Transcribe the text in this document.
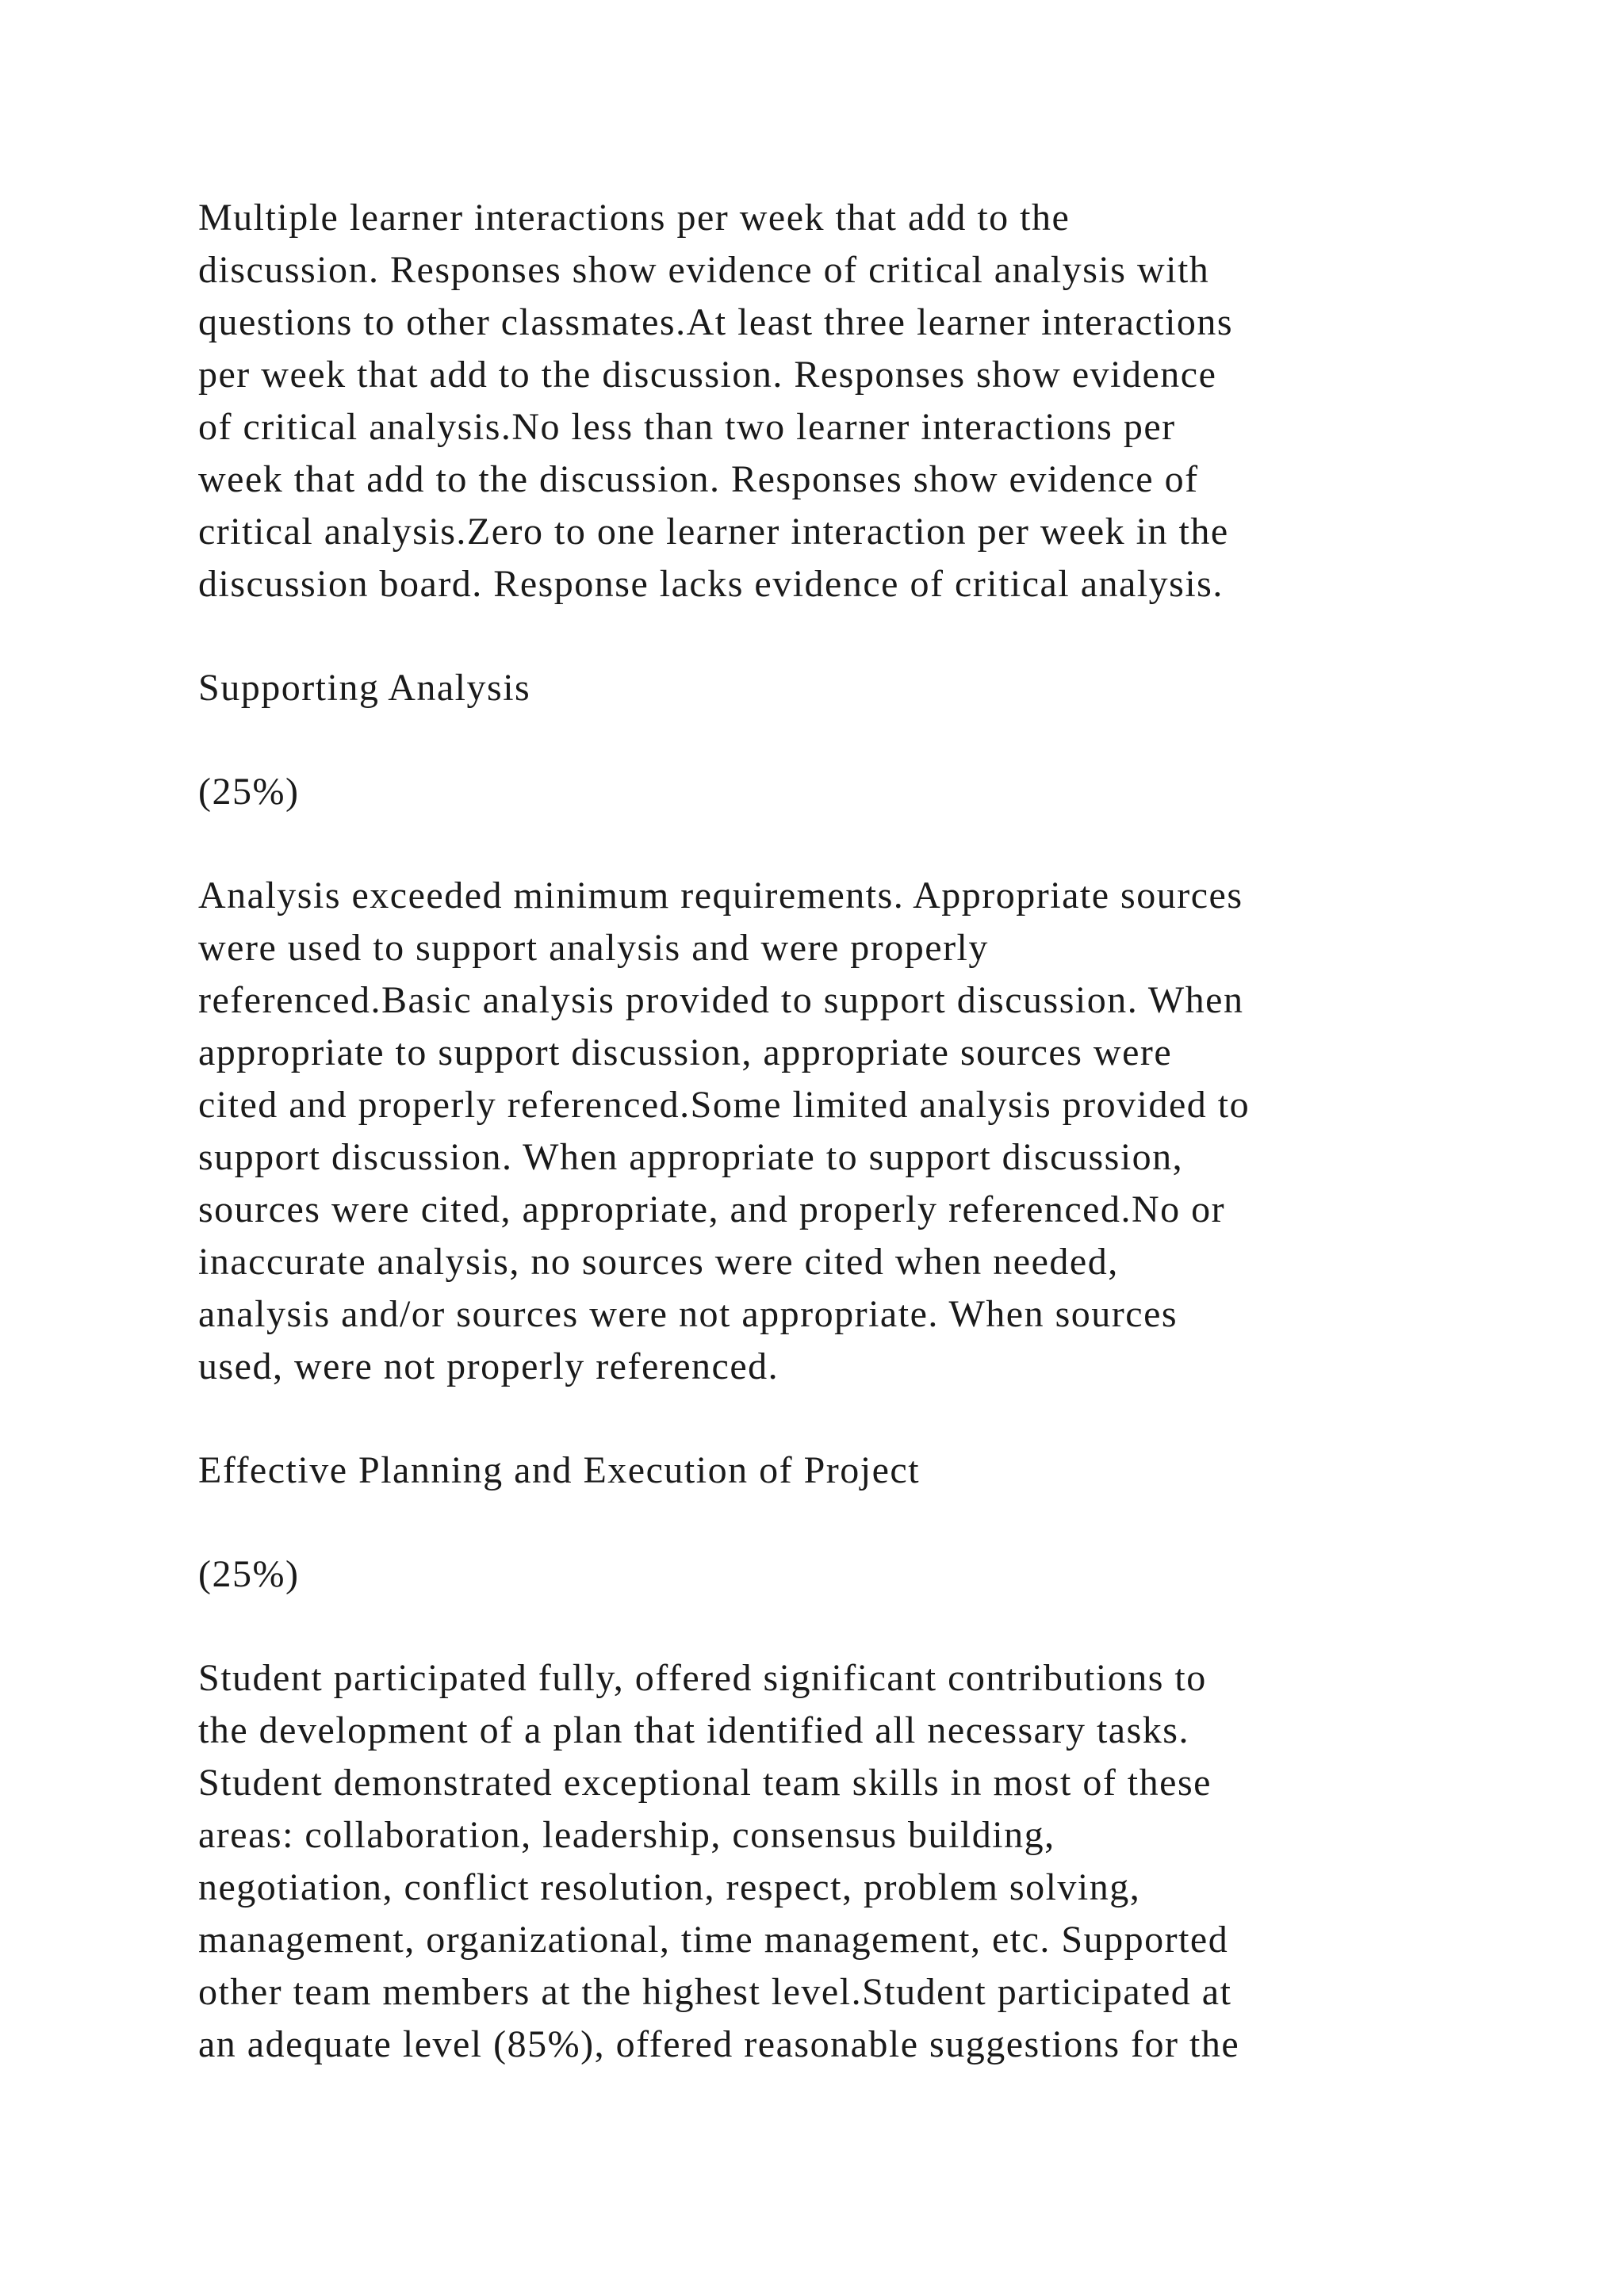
Multiple learner interactions per week that add to the
discussion. Responses show evidence of critical analysis with
questions to other classmates.At least three learner interactions
per week that add to the discussion. Responses show evidence
of critical analysis.No less than two learner interactions per
week that add to the discussion. Responses show evidence of
critical analysis.Zero to one learner interaction per week in the
discussion board. Response lacks evidence of critical analysis.
Supporting Analysis
(25%)
Analysis exceeded minimum requirements. Appropriate sources
were used to support analysis and were properly
referenced.Basic analysis provided to support discussion. When
appropriate to support discussion, appropriate sources were
cited and properly referenced.Some limited analysis provided to
support discussion. When appropriate to support discussion,
sources were cited, appropriate, and properly referenced.No or
inaccurate analysis, no sources were cited when needed,
analysis and/or sources were not appropriate. When sources
used, were not properly referenced.
Effective Planning and Execution of Project
(25%)
Student participated fully, offered significant contributions to
the development of a plan that identified all necessary tasks.
Student demonstrated exceptional team skills in most of these
areas: collaboration, leadership, consensus building,
negotiation, conflict resolution, respect, problem solving,
management, organizational, time management, etc. Supported
other team members at the highest level.Student participated at
an adequate level (85%), offered reasonable suggestions for the
